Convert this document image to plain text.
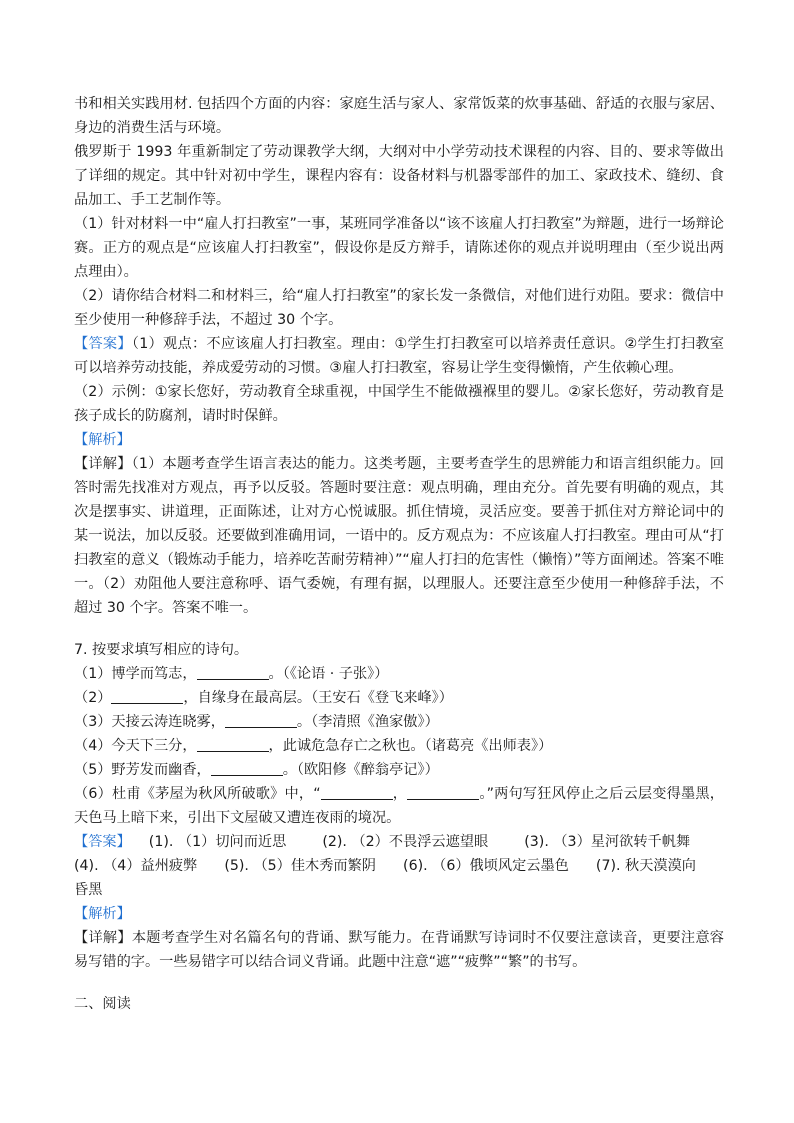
书和相关实践用材. 包括四个方面的内容：家庭生活与家人、家常饭菜的炊事基础、舒适的衣服与家居、身边的消费生活与环境。

俄罗斯于 1993 年重新制定了劳动课教学大纲，大纲对中小学劳动技术课程的内容、目的、要求等做出了详细的规定。其中针对初中学生，课程内容有：设备材料与机器零部件的加工、家政技术、缝纫、食品加工、手工艺制作等。

（1）针对材料一中“雇人打扫教室”一事，某班同学准备以“该不该雇人打扫教室”为辩题，进行一场辩论赛。正方的观点是“应该雇人打扫教室”，假设你是反方辩手，请陈述你的观点并说明理由（至少说出两点理由）。

（2）请你结合材料二和材料三，给“雇人打扫教室”的家长发一条微信，对他们进行劝阻。要求：微信中至少使用一种修辞手法，不超过 30 个字。

【答案】（1）观点：不应该雇人打扫教室。理由：①学生打扫教室可以培养责任意识。②学生打扫教室可以培养劳动技能，养成爱劳动的习惯。③雇人打扫教室，容易让学生变得懒惰，产生依赖心理。

（2）示例：①家长您好，劳动教育全球重视，中国学生不能做襁褓里的婴儿。②家长您好，劳动教育是孩子成长的防腐剂，请时时保鲜。

【解析】

【详解】（1）本题考查学生语言表达的能力。这类考题，主要考查学生的思辨能力和语言组织能力。回答时需先找准对方观点，再予以反驳。答题时要注意：观点明确，理由充分。首先要有明确的观点，其次是摆事实、讲道理，正面陈述，让对方心悦诚服。抓住情境，灵活应变。要善于抓住对方辩论词中的某一说法，加以反驳。还要做到准确用词，一语中的。反方观点为：不应该雇人打扫教室。理由可从“打扫教室的意义（锻炼动手能力，培养吃苦耐劳精神）”“雇人打扫的危害性（懒惰）”等方面阐述。答案不唯一。（2）劝阻他人要注意称呼、语气委婉，有理有据，以理服人。还要注意至少使用一种修辞手法，不超过 30 个字。答案不唯一。

7. 按要求填写相应的诗句。

（1）博学而笃志，	。（《论语 · 子张》）

（2）	，自缘身在最高层。（王安石《登飞来峰》）

（3）天接云涛连晓雾，	。（李清照《渔家傲》）

（4）今天下三分，	，此诚危急存亡之秋也。（诸葛亮《出师表》）

（5）野芳发而幽香，	。（欧阳修《醉翁亭记》）

（6）杜甫《茅屋为秋风所破歌》中，“	，	。”两句写狂风停止之后云层变得墨黑，天色马上暗下来，引出下文屋破又遭连夜雨的境况。

【答案】    (1). （1）切问而近思        (2). （2）不畏浮云遮望眼        (3). （3）星河欲转千帆舞

(4). （4）益州疲弊      (5). （5）佳木秀而繁阴      (6). （6）俄顷风定云墨色      (7). 秋天漠漠向

昏黑

【解析】

【详解】本题考查学生对名篇名句的背诵、默写能力。在背诵默写诗词时不仅要注意读音，更要注意容易写错的字。一些易错字可以结合词义背诵。此题中注意“遮”“疲弊”“繁”的书写。

二、阅读
